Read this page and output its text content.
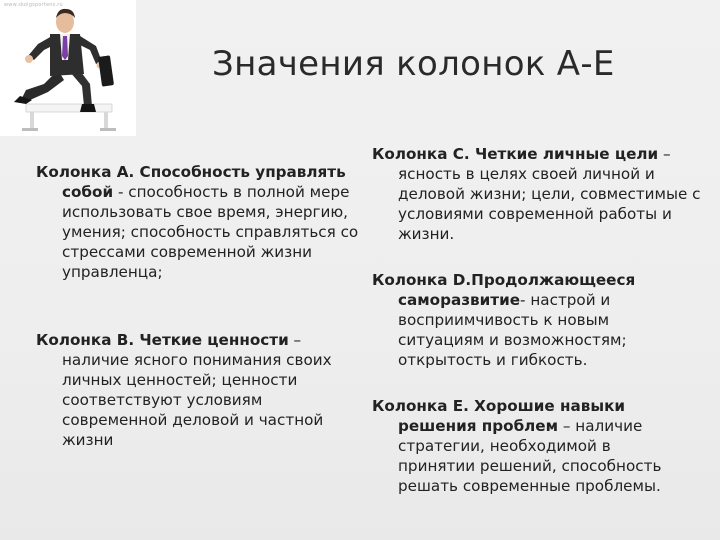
www.skolgsportens.ru
Значения колонок А-Е

Колонка А. Способность управлять собой - способность в полной мере использовать свое время, энергию, умения; способность справляться со стрессами современной жизни управленца;

Колонка В. Четкие ценности – наличие ясного понимания своих личных ценностей; ценности соответствуют условиям современной деловой и частной жизни

Колонка С. Четкие личные цели – ясность в целях своей личной и деловой жизни; цели, совместимые с условиями современной работы и жизни.

Колонка D.Продолжающееся саморазвитие- настрой и восприимчивость к новым ситуациям и возможностям; открытость и гибкость.

Колонка Е. Хорошие навыки решения проблем – наличие стратегии, необходимой в принятии решений, способность решать современные проблемы.
